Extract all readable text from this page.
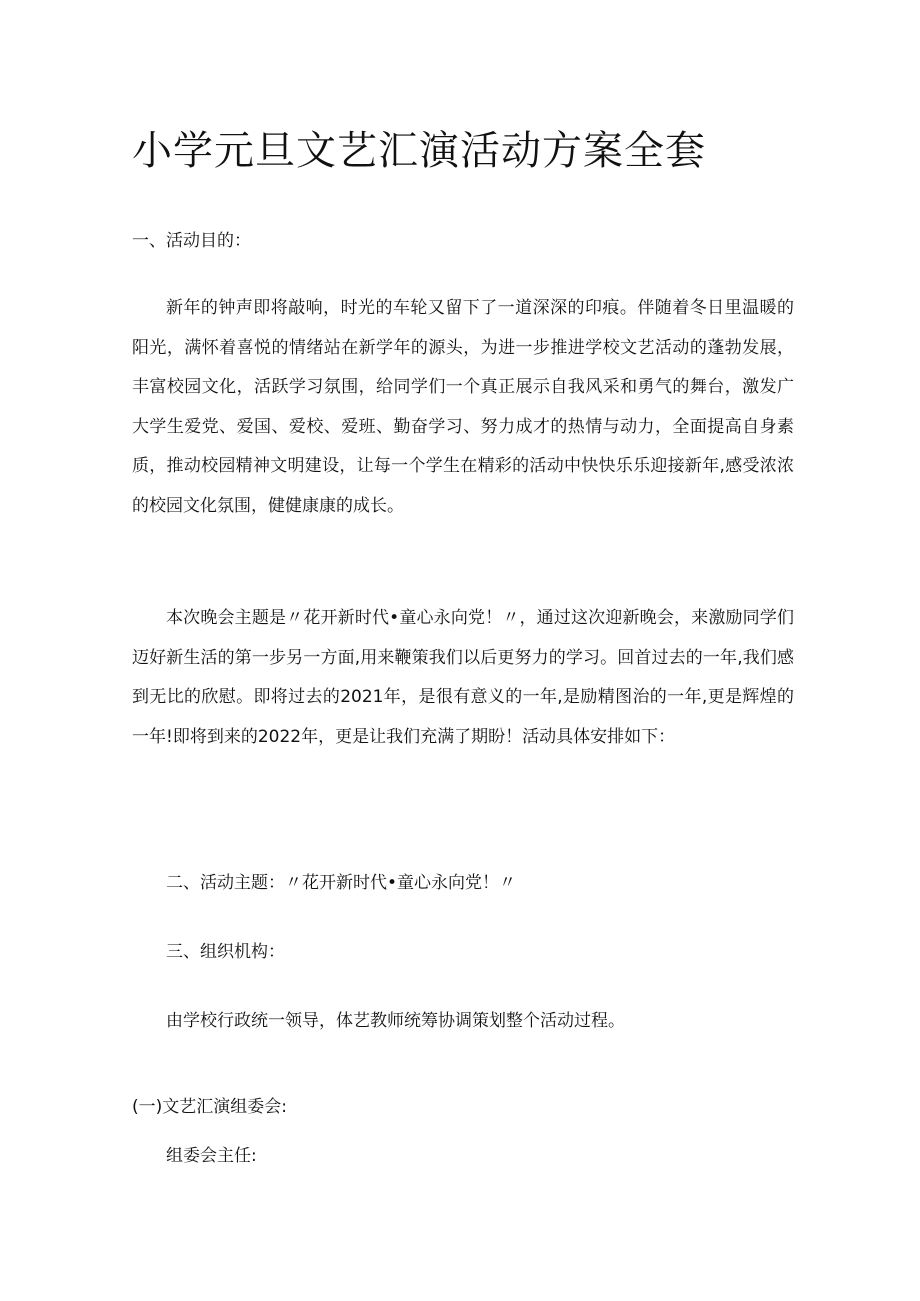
小学元旦文艺汇演活动方案全套

一、活动目的：

新年的钟声即将敲响，时光的车轮又留下了一道深深的印痕。伴随着冬日里温暖的阳光，满怀着喜悦的情绪站在新学年的源头，为进一步推进学校文艺活动的蓬勃发展，丰富校园文化，活跃学习氛围，给同学们一个真正展示自我风采和勇气的舞台，激发广大学生爱党、爱国、爱校、爱班、勤奋学习、努力成才的热情与动力，全面提高自身素质，推动校园精神文明建设，让每一个学生在精彩的活动中快快乐乐迎接新年,感受浓浓的校园文化氛围，健健康康的成长。

本次晚会主题是〃花开新时代•童心永向党！〃，通过这次迎新晚会，来激励同学们迈好新生活的第一步另一方面,用来鞭策我们以后更努力的学习。回首过去的一年,我们感到无比的欣慰。即将过去的2021年，是很有意义的一年,是励精图治的一年,更是辉煌的一年!即将到来的2022年，更是让我们充满了期盼！活动具体安排如下：

二、活动主题：〃花开新时代•童心永向党！〃

三、组织机构：

由学校行政统一领导，体艺教师统筹协调策划整个活动过程。

(一)文艺汇演组委会:

组委会主任:
